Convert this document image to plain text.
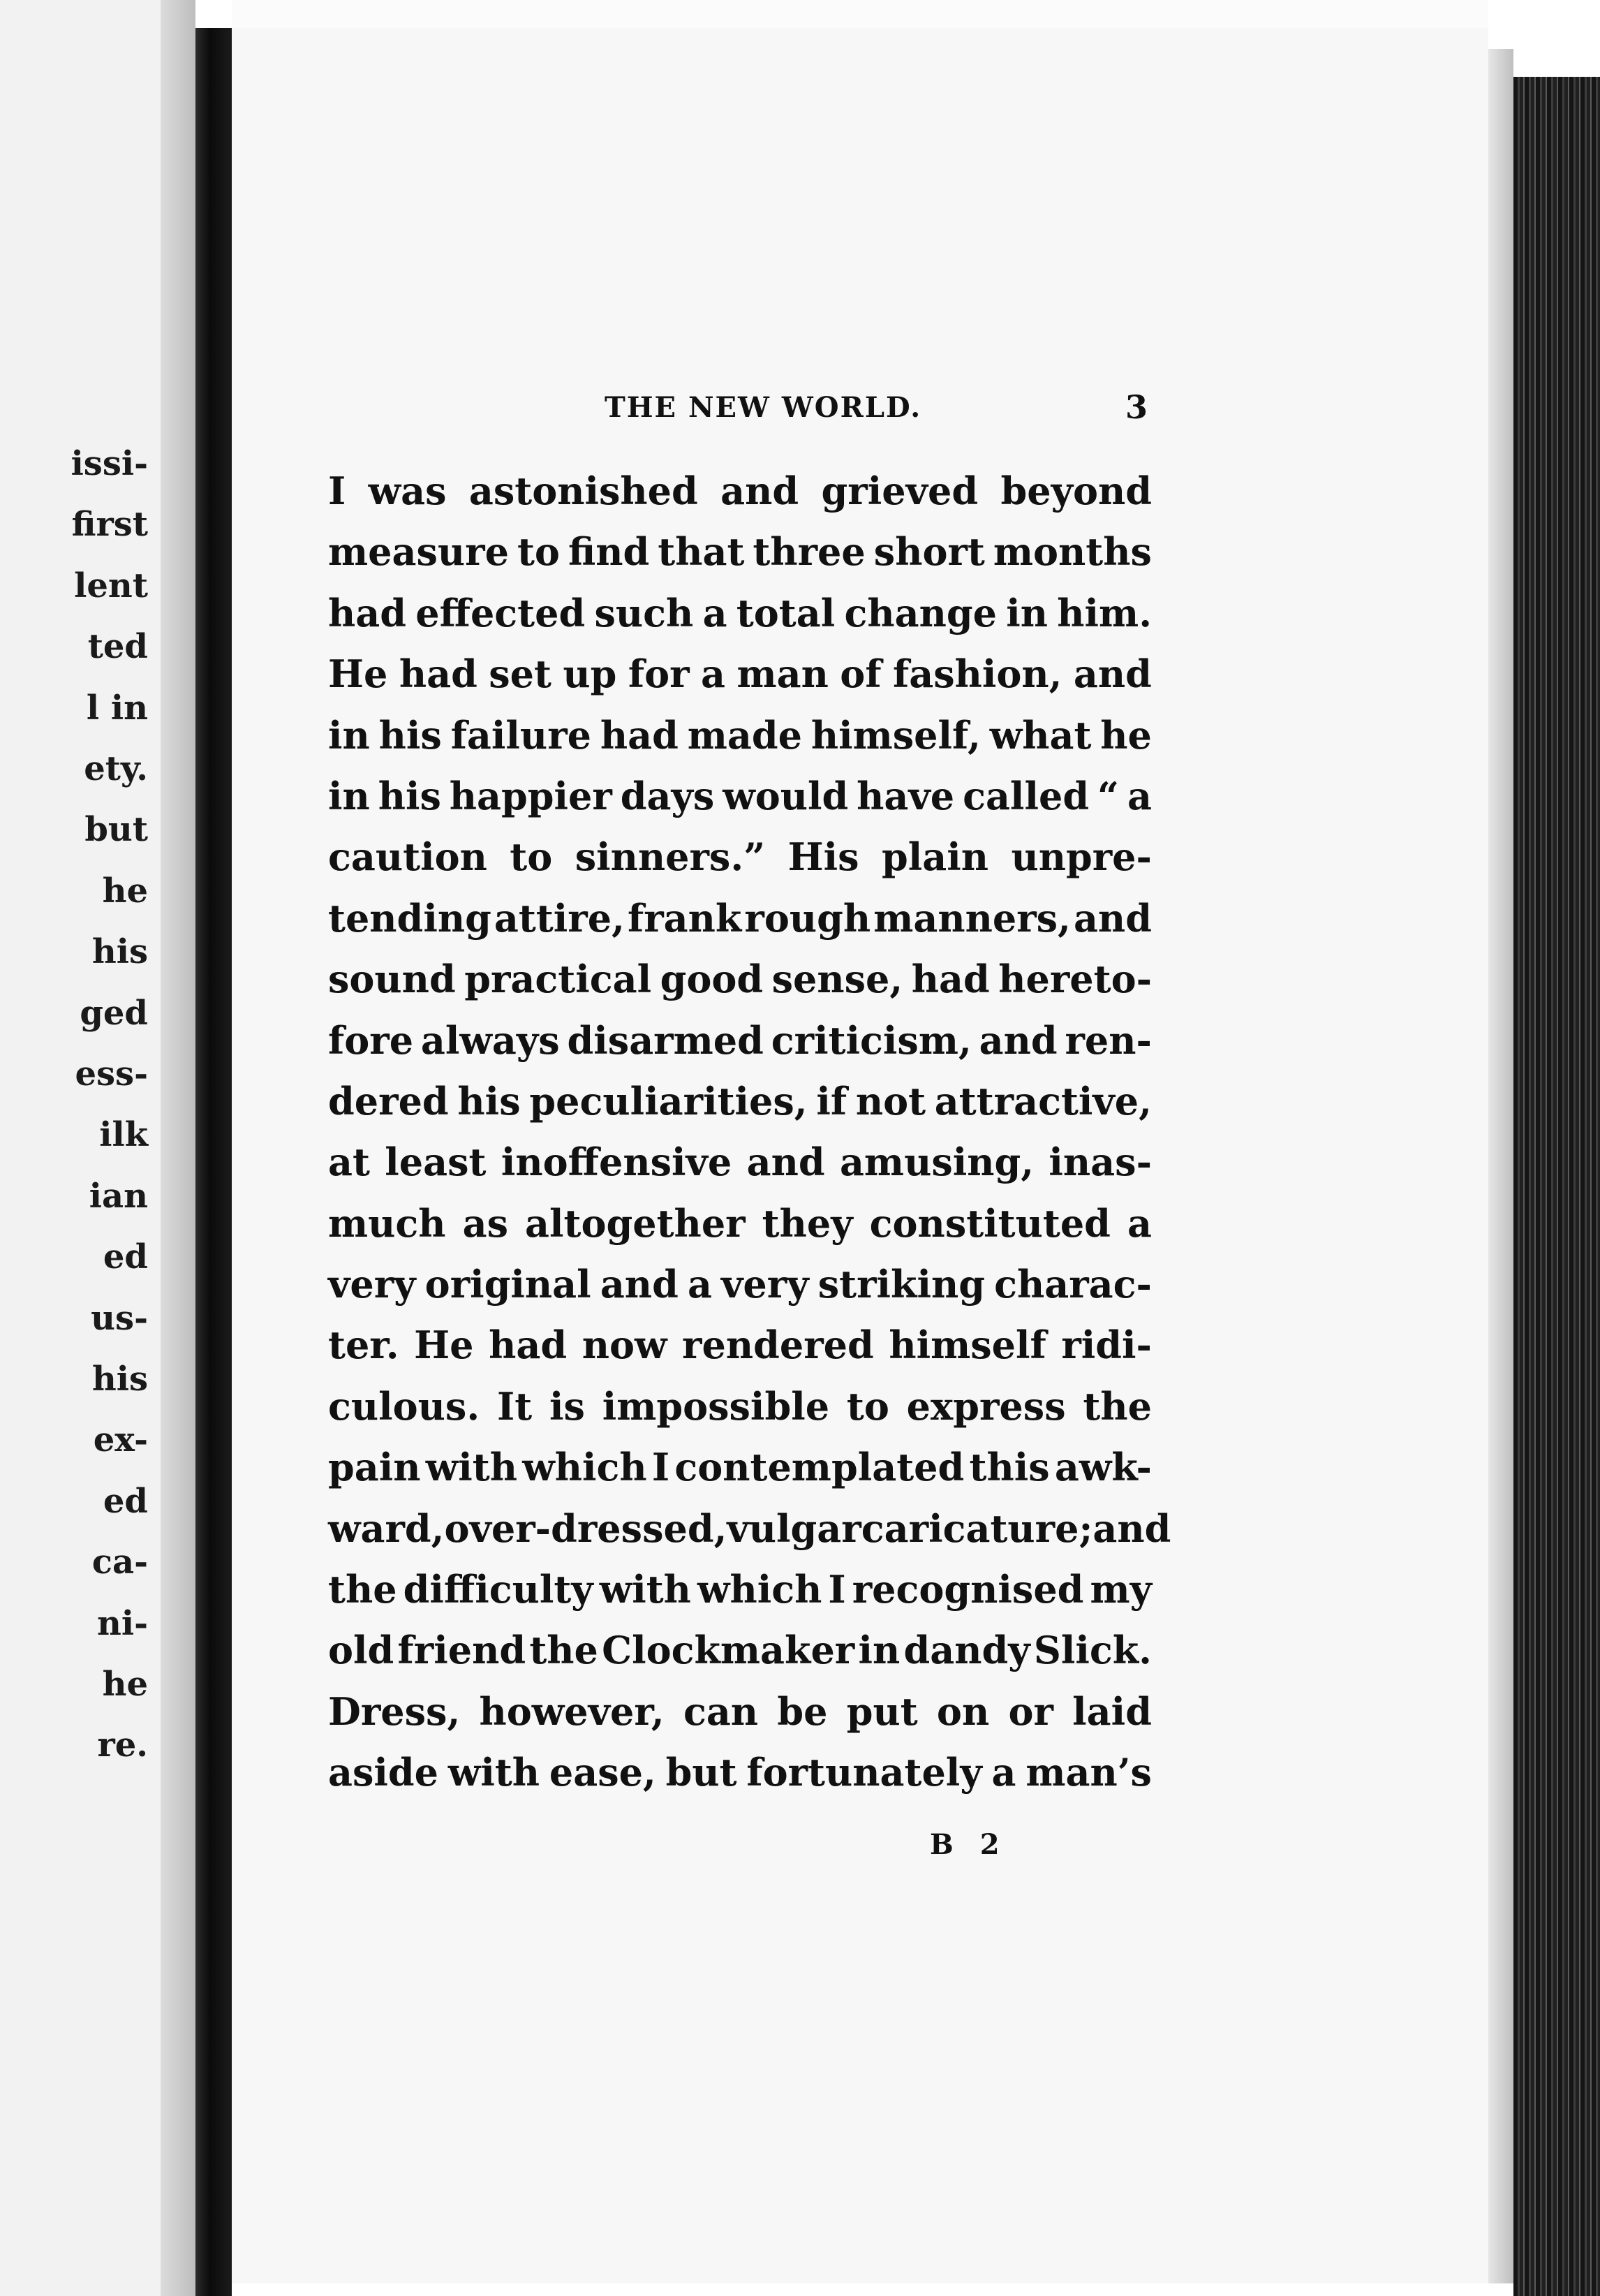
issi-
first
lent
ted
l in
ety.
but
he
his
ged
ess-
ilk
ian
ed
us-
his
ex-
ed
ca-
ni-
he
re.
THE NEW WORLD.	3
I was astonished and grieved beyond
measure to find that three short months
had effected such a total change in him.
He had set up for a man of fashion, and
in his failure had made himself, what he
in his happier days would have called “ a
caution to sinners.” His plain unpre-
tending attire, frank rough manners, and
sound practical good sense, had hereto-
fore always disarmed criticism, and ren-
dered his peculiarities, if not attractive,
at least inoffensive and amusing, inas-
much as altogether they constituted a
very original and a very striking charac-
ter. He had now rendered himself ridi-
culous. It is impossible to express the
pain with which I contemplated this awk-
ward, over-dressed, vulgar caricature ; and
the difficulty with which I recognised my
old friend the Clockmaker in dandy Slick.
Dress, however, can be put on or laid
aside with ease, but fortunately a man’s
B 2
